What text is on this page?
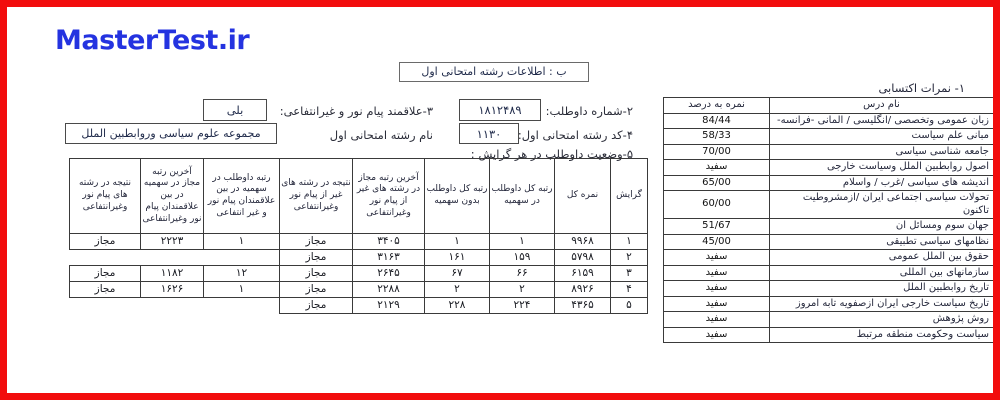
MasterTest.ir
ب : اطلاعات رشته امتحانی اول
۲-شماره داوطلب:
۱۸۱۲۴۸۹
۳-علاقمند پیام نور و غیرانتفاعی:
بلی
۴-کد رشته امتحانی اول:
۱۱۳۰
نام رشته امتحانی اول
مجموعه علوم سیاسی وروابطبین الملل
۵-وضعیت داوطلب در هر گرایش :
گرایش	نمره کل	رتبه کل داوطلب در سهمیه	رتبه کل داوطلب بدون سهمیه	آخرین رتبه مجاز در رشته های غیر از پیام نور وغیرانتفاعی	نتیجه در رشته های غیر از پیام نور وغیرانتفاعی	رتبه داوطلب در سهمیه در بین علاقمندان پیام نور و غیر انتفاعی	آخرین رتبه مجاز در سهمیه در بین علاقمندان پیام نور وغیرانتفاعی	نتیجه در رشته های پیام نور وغیرانتفاعی
۱	۹۹۶۸	۱	۱	۳۴۰۵	مجاز	۱	۲۲۲۳	مجاز
۲	۵۷۹۸	۱۵۹	۱۶۱	۳۱۶۳	مجاز			
۳	۶۱۵۹	۶۶	۶۷	۲۶۴۵	مجاز	۱۲	۱۱۸۲	مجاز
۴	۸۹۲۶	۲	۲	۲۲۸۸	مجاز	۱	۱۶۲۶	مجاز
۵	۴۳۶۵	۲۲۴	۲۲۸	۲۱۲۹	مجاز			
۱- نمرات اکتسابی
نام درس	نمره به درصد
زبان عمومی وتخصصی /انگلیسی / المانی -فرانسه-	84/44
مبانی علم سیاست	58/33
جامعه شناسی سیاسی	70/00
اصول روابطبین الملل وسیاست خارجی	سفید
اندیشه های سیاسی /غرب / واسلام	65/00
تحولات سیاسی اجتماعی ایران /ازمشروطیت تاکنون	60/00
جهان سوم ومسائل ان	51/67
نظامهای سیاسی تطبیقی	45/00
حقوق بین الملل عمومی	سفید
سازمانهای بین المللی	سفید
تاریخ روابطبین الملل	سفید
تاریخ سیاست خارجی ایران ازصفویه تابه امروز	سفید
روش پژوهش	سفید
سیاست وحکومت منطقه مرتبط	سفید
